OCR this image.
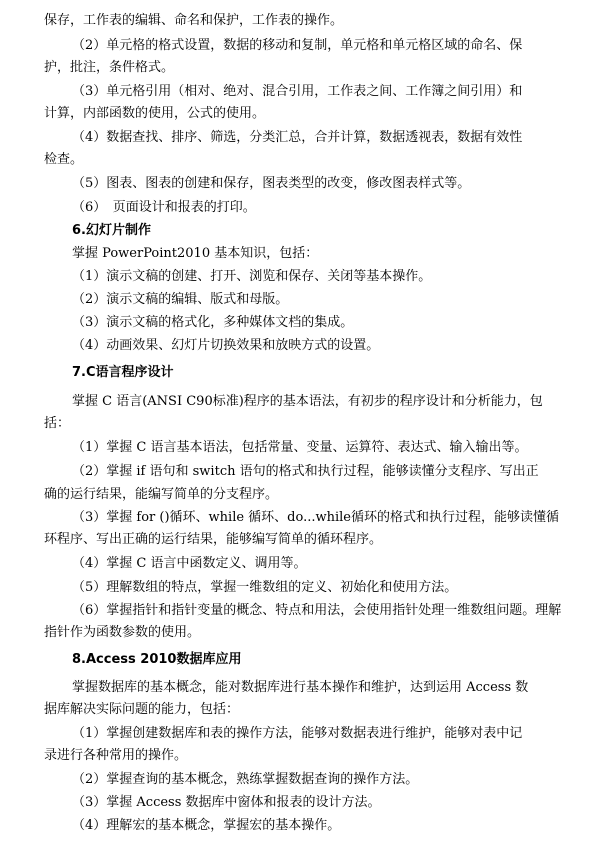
保存，工作表的编辑、命名和保护，工作表的操作。
（2）单元格的格式设置，数据的移动和复制，单元格和单元格区域的命名、保
护，批注，条件格式。
（3）单元格引用（相对、绝对、混合引用，工作表之间、工作簿之间引用）和
计算，内部函数的使用，公式的使用。
（4）数据查找、排序、筛选，分类汇总，合并计算，数据透视表，数据有效性
检查。
（5）图表、图表的创建和保存，图表类型的改变，修改图表样式等。
（6）　页面设计和报表的打印。
6.幻灯片制作
掌握 PowerPoint2010 基本知识，包括：
（1）演示文稿的创建、打开、浏览和保存、关闭等基本操作。
（2）演示文稿的编辑、版式和母版。
（3）演示文稿的格式化，多种媒体文档的集成。
（4）动画效果、幻灯片切换效果和放映方式的设置。
7.C语言程序设计
掌握 C 语言(ANSI C90标准)程序的基本语法，有初步的程序设计和分析能力，包
括：
（1）掌握 C 语言基本语法，包括常量、变量、运算符、表达式、输入输出等。
（2）掌握 if 语句和 switch 语句的格式和执行过程，能够读懂分支程序、写出正
确的运行结果，能编写简单的分支程序。
（3）掌握 for ()循环、while 循环、do...while循环的格式和执行过程，能够读懂循
环程序、写出正确的运行结果，能够编写简单的循环程序。
（4）掌握 C 语言中函数定义、调用等。
（5）理解数组的特点，掌握一维数组的定义、初始化和使用方法。
（6）掌握指针和指针变量的概念、特点和用法，会使用指针处理一维数组问题。理解
指针作为函数参数的使用。
8.Access 2010数据库应用
掌握数据库的基本概念，能对数据库进行基本操作和维护，达到运用 Access 数
据库解决实际问题的能力，包括：
（1）掌握创建数据库和表的操作方法，能够对数据表进行维护，能够对表中记
录进行各种常用的操作。
（2）掌握查询的基本概念，熟练掌握数据查询的操作方法。
（3）掌握 Access 数据库中窗体和报表的设计方法。
（4）理解宏的基本概念，掌握宏的基本操作。
